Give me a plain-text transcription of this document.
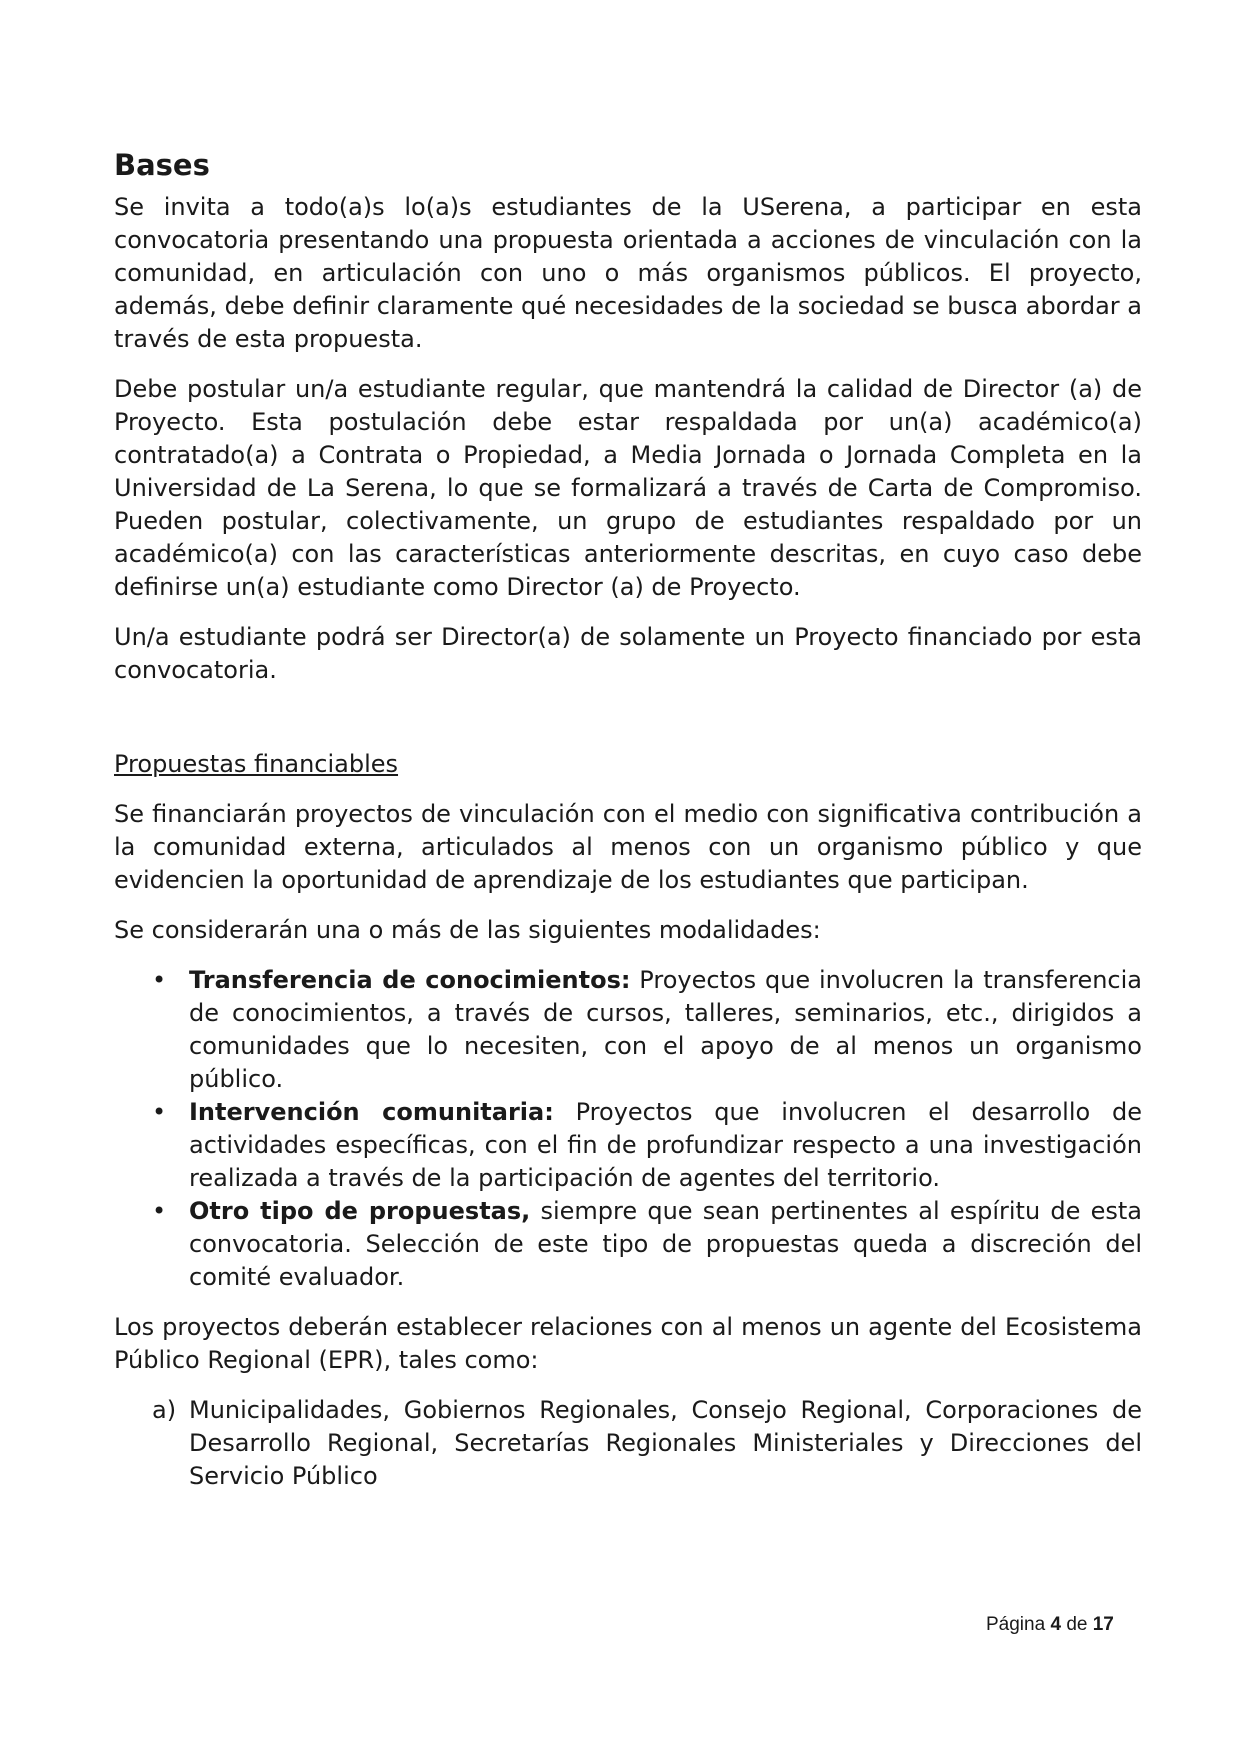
Bases

Se invita a todo(a)s lo(a)s estudiantes de la USerena, a participar en esta convocatoria presentando una propuesta orientada a acciones de vinculación con la comunidad, en articulación con uno o más organismos públicos. El proyecto, además, debe definir claramente qué necesidades de la sociedad se busca abordar a través de esta propuesta.

Debe postular un/a estudiante regular, que mantendrá la calidad de Director (a) de Proyecto. Esta postulación debe estar respaldada por un(a) académico(a) contratado(a) a Contrata o Propiedad, a Media Jornada o Jornada Completa en la Universidad de La Serena, lo que se formalizará a través de Carta de Compromiso. Pueden postular, colectivamente, un grupo de estudiantes respaldado por un académico(a) con las características anteriormente descritas, en cuyo caso debe definirse un(a) estudiante como Director (a) de Proyecto.

Un/a estudiante podrá ser Director(a) de solamente un Proyecto financiado por esta convocatoria.

Propuestas financiables

Se financiarán proyectos de vinculación con el medio con significativa contribución a la comunidad externa, articulados al menos con un organismo público y que evidencien la oportunidad de aprendizaje de los estudiantes que participan.

Se considerarán una o más de las siguientes modalidades:

• Transferencia de conocimientos: Proyectos que involucren la transferencia de conocimientos, a través de cursos, talleres, seminarios, etc., dirigidos a comunidades que lo necesiten, con el apoyo de al menos un organismo público.
• Intervención comunitaria: Proyectos que involucren el desarrollo de actividades específicas, con el fin de profundizar respecto a una investigación realizada a través de la participación de agentes del territorio.
• Otro tipo de propuestas, siempre que sean pertinentes al espíritu de esta convocatoria. Selección de este tipo de propuestas queda a discreción del comité evaluador.

Los proyectos deberán establecer relaciones con al menos un agente del Ecosistema Público Regional (EPR), tales como:

a) Municipalidades, Gobiernos Regionales, Consejo Regional, Corporaciones de Desarrollo Regional, Secretarías Regionales Ministeriales y Direcciones del Servicio Público
Página 4 de 17
